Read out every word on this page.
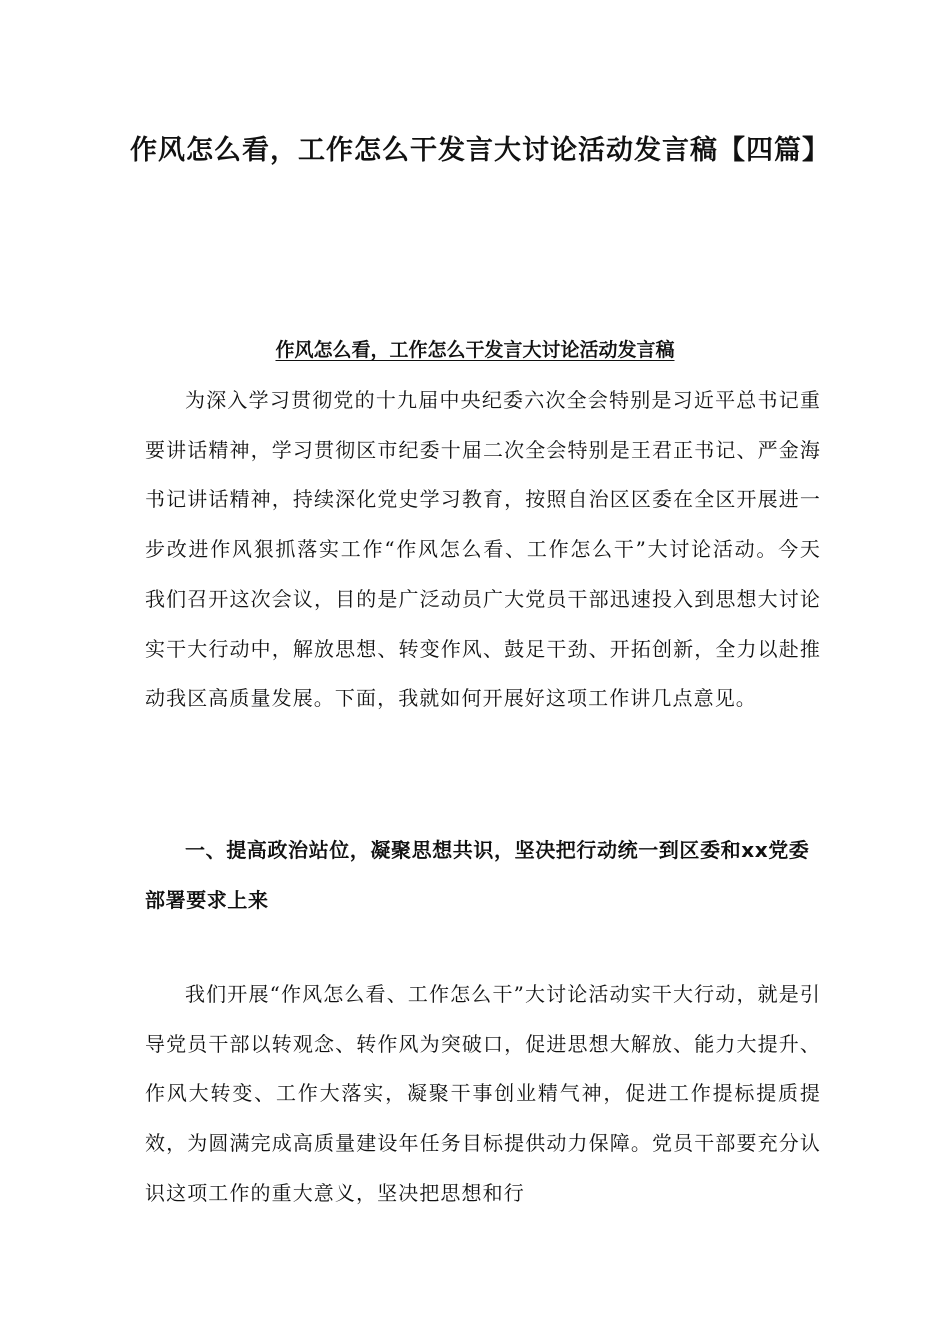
作风怎么看，工作怎么干发言大讨论活动发言稿【四篇】
作风怎么看，工作怎么干发言大讨论活动发言稿

为深入学习贯彻党的十九届中央纪委六次全会特别是习近平总书记重要讲话精神，学习贯彻区市纪委十届二次全会特别是王君正书记、严金海书记讲话精神，持续深化党史学习教育，按照自治区区委在全区开展进一步改进作风狠抓落实工作“作风怎么看、工作怎么干”大讨论活动。今天我们召开这次会议，目的是广泛动员广大党员干部迅速投入到思想大讨论实干大行动中，解放思想、转变作风、鼓足干劲、开拓创新，全力以赴推动我区高质量发展。下面，我就如何开展好这项工作讲几点意见。

一、提高政治站位，凝聚思想共识，坚决把行动统一到区委和xx党委部署要求上来

我们开展“作风怎么看、工作怎么干”大讨论活动实干大行动，就是引导党员干部以转观念、转作风为突破口，促进思想大解放、能力大提升、作风大转变、工作大落实，凝聚干事创业精气神，促进工作提标提质提效，为圆满完成高质量建设年任务目标提供动力保障。党员干部要充分认识这项工作的重大意义，坚决把思想和行
